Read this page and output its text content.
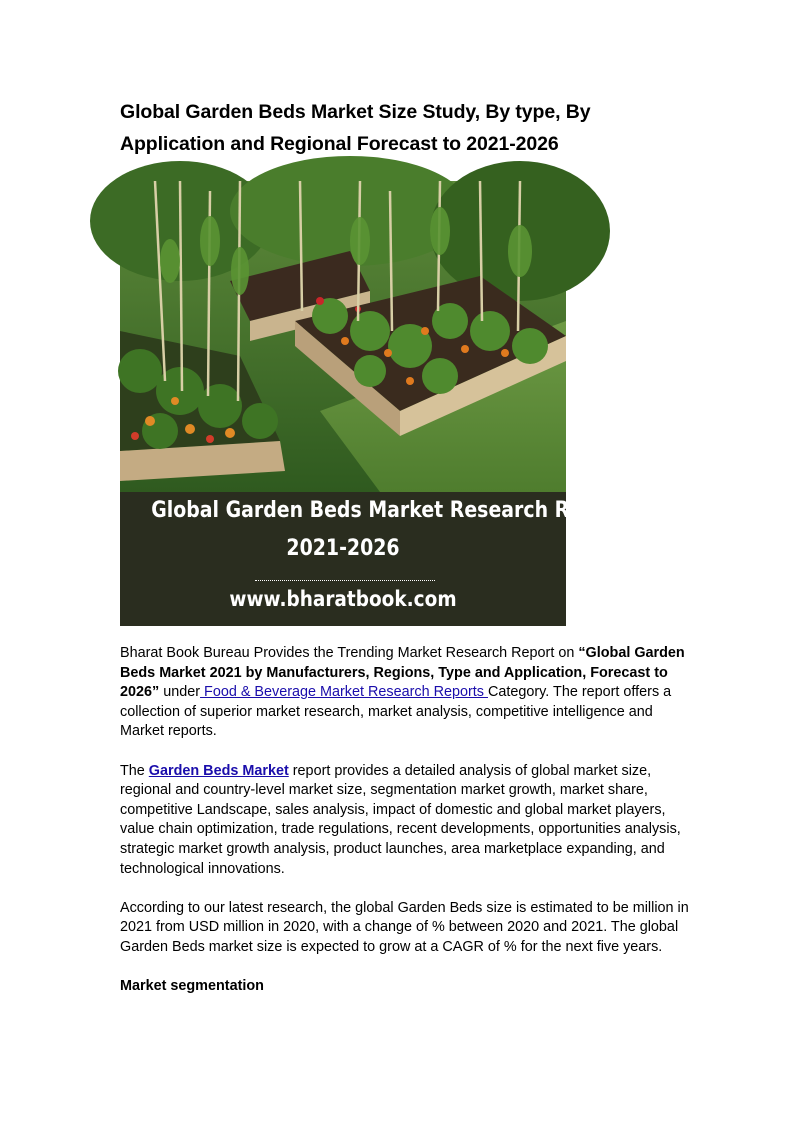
Global Garden Beds Market Size Study, By type, By Application and Regional Forecast to 2021-2026
Global Garden Beds Market Research Report
2021-2026
www.bharatbook.com

Bharat Book Bureau Provides the Trending Market Research Report on “Global Garden Beds Market 2021 by Manufacturers, Regions, Type and Application, Forecast to 2026” under Food & Beverage Market Research Reports Category. The report offers a collection of superior market research, market analysis, competitive intelligence and Market reports.

The Garden Beds Market report provides a detailed analysis of global market size, regional and country-level market size, segmentation market growth, market share, competitive Landscape, sales analysis, impact of domestic and global market players, value chain optimization, trade regulations, recent developments, opportunities analysis, strategic market growth analysis, product launches, area marketplace expanding, and technological innovations.

According to our latest research, the global Garden Beds size is estimated to be million in 2021 from USD million in 2020, with a change of % between 2020 and 2021. The global Garden Beds market size is expected to grow at a CAGR of % for the next five years.

Market segmentation
